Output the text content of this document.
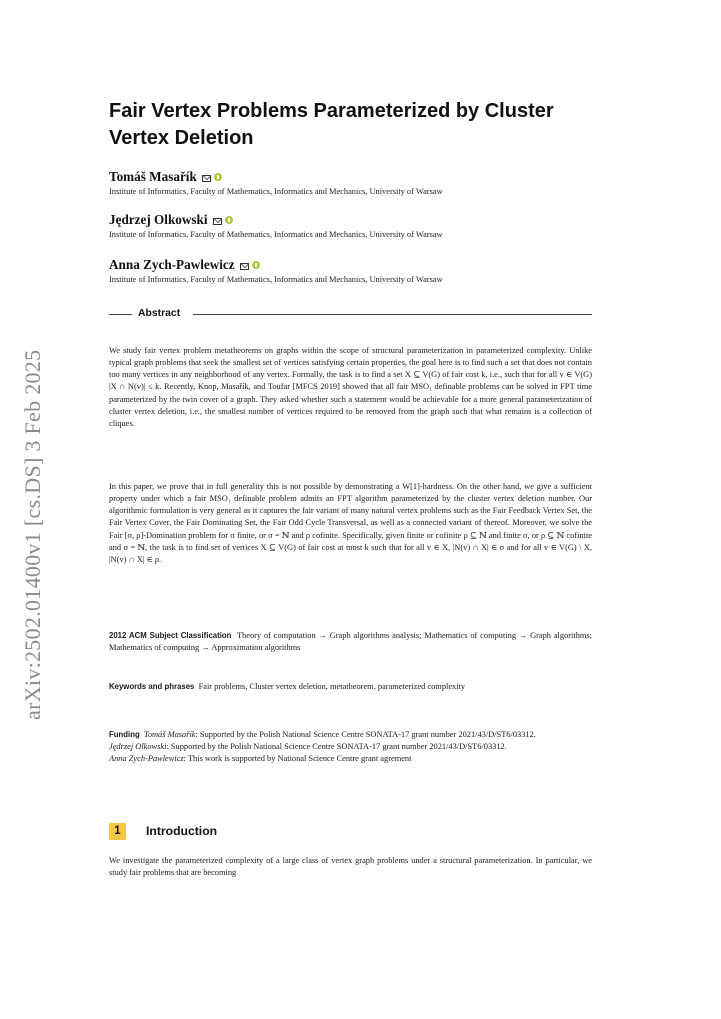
arXiv:2502.01400v1 [cs.DS] 3 Feb 2025
Fair Vertex Problems Parameterized by Cluster Vertex Deletion
Tomáš Masařík
Institute of Informatics, Faculty of Mathematics, Informatics and Mechanics, University of Warsaw
Jędrzej Olkowski
Institute of Informatics, Faculty of Mathematics, Informatics and Mechanics, University of Warsaw
Anna Zych-Pawlewicz
Institute of Informatics, Faculty of Mathematics, Informatics and Mechanics, University of Warsaw
Abstract

We study fair vertex problem metatheorems on graphs within the scope of structural parameterization in parameterized complexity. Unlike typical graph problems that seek the smallest set of vertices satisfying certain properties, the goal here is to find such a set that does not contain too many vertices in any neighborhood of any vertex. Formally, the task is to find a set X ⊆ V(G) of fair cost k, i.e., such that for all v ∈ V(G) |X ∩ N(v)| ≤ k. Recently, Knop, Masařík, and Toufar [MFCS 2019] showed that all fair MSO₁ definable problems can be solved in FPT time parameterized by the twin cover of a graph. They asked whether such a statement would be achievable for a more general parameterization of cluster vertex deletion, i.e., the smallest number of vertices required to be removed from the graph such that what remains is a collection of cliques.

In this paper, we prove that in full generality this is not possible by demonstrating a W[1]-hardness. On the other hand, we give a sufficient property under which a fair MSO₁ definable problem admits an FPT algorithm parameterized by the cluster vertex deletion number. Our algorithmic formulation is very general as it captures the fair variant of many natural vertex problems such as the Fair Feedback Vertex Set, the Fair Vertex Cover, the Fair Dominating Set, the Fair Odd Cycle Transversal, as well as a connected variant of thereof. Moreover, we solve the Fair [σ, ρ]-Domination problem for σ finite, or σ = ℕ and ρ cofinite. Specifically, given finite or cofinite ρ ⊆ ℕ and finite σ, or ρ ⊆ ℕ cofinite and σ = ℕ, the task is to find set of vertices X ⊆ V(G) of fair cost at most k such that for all v ∈ X, |N(v) ∩ X| ∈ σ and for all v ∈ V(G) \ X, |N(v) ∩ X| ∈ ρ.

2012 ACM Subject Classification Theory of computation → Graph algorithms analysis; Mathematics of computing → Graph algorithms; Mathematics of computing → Approximation algorithms

Keywords and phrases Fair problems, Cluster vertex deletion, metatheorem, parameterized complexity

Funding Tomáš Masařík: Supported by the Polish National Science Centre SONATA-17 grant number 2021/43/D/ST6/03312.
Jędrzej Olkowski: Supported by the Polish National Science Centre SONATA-17 grant number 2021/43/D/ST6/03312.
Anna Zych-Pawlewicz: This work is supported by National Science Centre grant agrement
1	Introduction

We investigate the parameterized complexity of a large class of vertex graph problems under a structural parameterization. In particular, we study fair problems that are becoming
